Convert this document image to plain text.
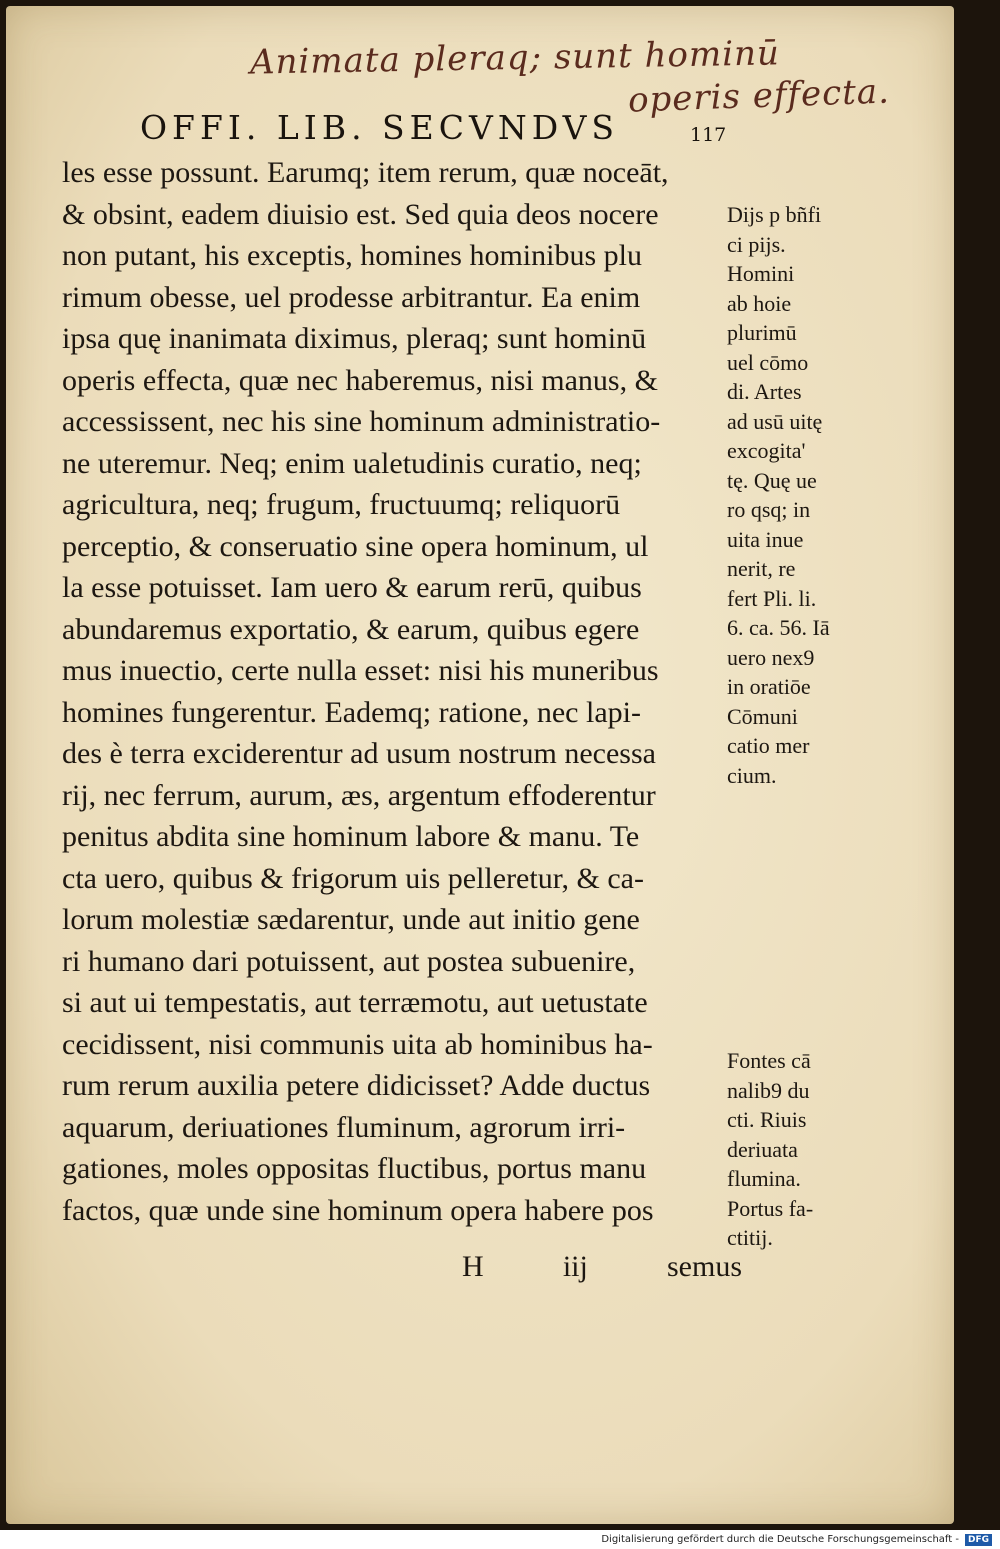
Animata pleraq; sunt hominū
operis effecta.
OFFI. LIB. SECVNDVS	117
les esse possunt. Earumq; item rerum, quæ noceāt,
& obsint, eadem diuisio est. Sed quia deos nocere
non putant, his exceptis, homines hominibus plu
rimum obesse, uel prodesse arbitrantur. Ea enim
ipsa quę inanimata diximus, pleraq; sunt hominū
operis effecta, quæ nec haberemus, nisi manus, &
accessissent, nec his sine hominum administratio-
ne uteremur. Neq; enim ualetudinis curatio, neq;
agricultura, neq; frugum, fructuumq; reliquorū
perceptio, & conseruatio sine opera hominum, ul
la esse potuisset. Iam uero & earum rerū, quibus
abundaremus exportatio, & earum, quibus egere
mus inuectio, certe nulla esset: nisi his muneribus
homines fungerentur. Eademq; ratione, nec lapi-
des è terra exciderentur ad usum nostrum necessa
rij, nec ferrum, aurum, æs, argentum effoderentur
penitus abdita sine hominum labore & manu. Te
cta uero, quibus & frigorum uis pelleretur, & ca-
lorum molestiæ sædarentur, unde aut initio gene
ri humano dari potuissent, aut postea subuenire,
si aut ui tempestatis, aut terræmotu, aut uetustate
cecidissent, nisi communis uita ab hominibus ha-
rum rerum auxilia petere didicisset? Adde ductus
aquarum, deriuationes fluminum, agrorum irri-
gationes, moles oppositas fluctibus, portus manu
factos, quæ unde sine hominum opera habere pos
Dijs p bñfi
ci pijs.
Homini
ab hoie
plurimū
uel cōmo
di. Artes
ad usū uitę
excogita'
tę. Quę ue
ro qsq; in
uita inue
nerit, re
fert Pli. li.
6. ca. 56. Iā
uero nex9
in oratiōe
Cōmuni
catio mer
cium.
Fontes cā
nalib9 du
cti. Riuis
deriuata
flumina.
Portus fa-
ctitij.
H	iij	semus
Digitalisierung gefördert durch die Deutsche Forschungsgemeinschaft -	DFG
